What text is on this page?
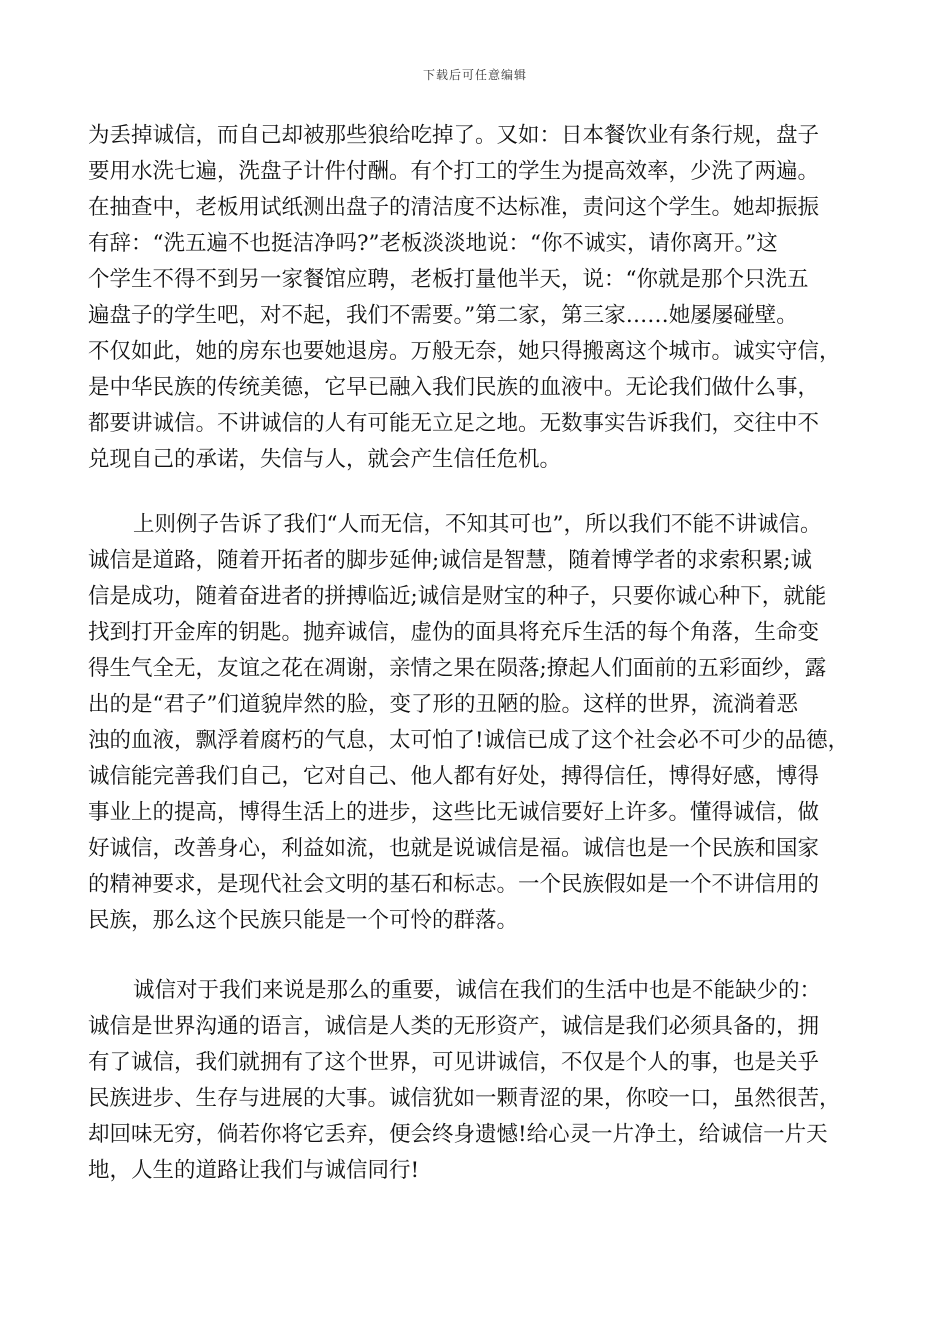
下载后可任意编辑
为丢掉诚信，而自己却被那些狼给吃掉了。又如：日本餐饮业有条行规，盘子
要用水洗七遍，洗盘子计件付酬。有个打工的学生为提高效率，少洗了两遍。
在抽查中，老板用试纸测出盘子的清洁度不达标准，责问这个学生。她却振振
有辞：“洗五遍不也挺洁净吗?”老板淡淡地说：“你不诚实，请你离开。”这
个学生不得不到另一家餐馆应聘，老板打量他半天，说：“你就是那个只洗五
遍盘子的学生吧，对不起，我们不需要。”第二家，第三家……她屡屡碰壁。
不仅如此，她的房东也要她退房。万般无奈，她只得搬离这个城市。诚实守信，
是中华民族的传统美德，它早已融入我们民族的血液中。无论我们做什么事，
都要讲诚信。不讲诚信的人有可能无立足之地。无数事实告诉我们，交往中不
兑现自己的承诺，失信与人，就会产生信任危机。
上则例子告诉了我们“人而无信，不知其可也”，所以我们不能不讲诚信。
诚信是道路，随着开拓者的脚步延伸;诚信是智慧，随着博学者的求索积累;诚
信是成功，随着奋进者的拼搏临近;诚信是财宝的种子，只要你诚心种下，就能
找到打开金库的钥匙。抛弃诚信，虚伪的面具将充斥生活的每个角落，生命变
得生气全无，友谊之花在凋谢，亲情之果在陨落;撩起人们面前的五彩面纱，露
出的是“君子”们道貌岸然的脸，变了形的丑陋的脸。这样的世界，流淌着恶
浊的血液，飘浮着腐朽的气息，太可怕了!诚信已成了这个社会必不可少的品德，
诚信能完善我们自己，它对自己、他人都有好处，搏得信任，博得好感，博得
事业上的提高，博得生活上的进步，这些比无诚信要好上许多。懂得诚信，做
好诚信，改善身心，利益如流，也就是说诚信是福。诚信也是一个民族和国家
的精神要求，是现代社会文明的基石和标志。一个民族假如是一个不讲信用的
民族，那么这个民族只能是一个可怜的群落。
诚信对于我们来说是那么的重要，诚信在我们的生活中也是不能缺少的：
诚信是世界沟通的语言，诚信是人类的无形资产，诚信是我们必须具备的，拥
有了诚信，我们就拥有了这个世界，可见讲诚信，不仅是个人的事，也是关乎
民族进步、生存与进展的大事。诚信犹如一颗青涩的果，你咬一口，虽然很苦，
却回味无穷，倘若你将它丢弃，便会终身遗憾!给心灵一片净土，给诚信一片天
地，人生的道路让我们与诚信同行!
